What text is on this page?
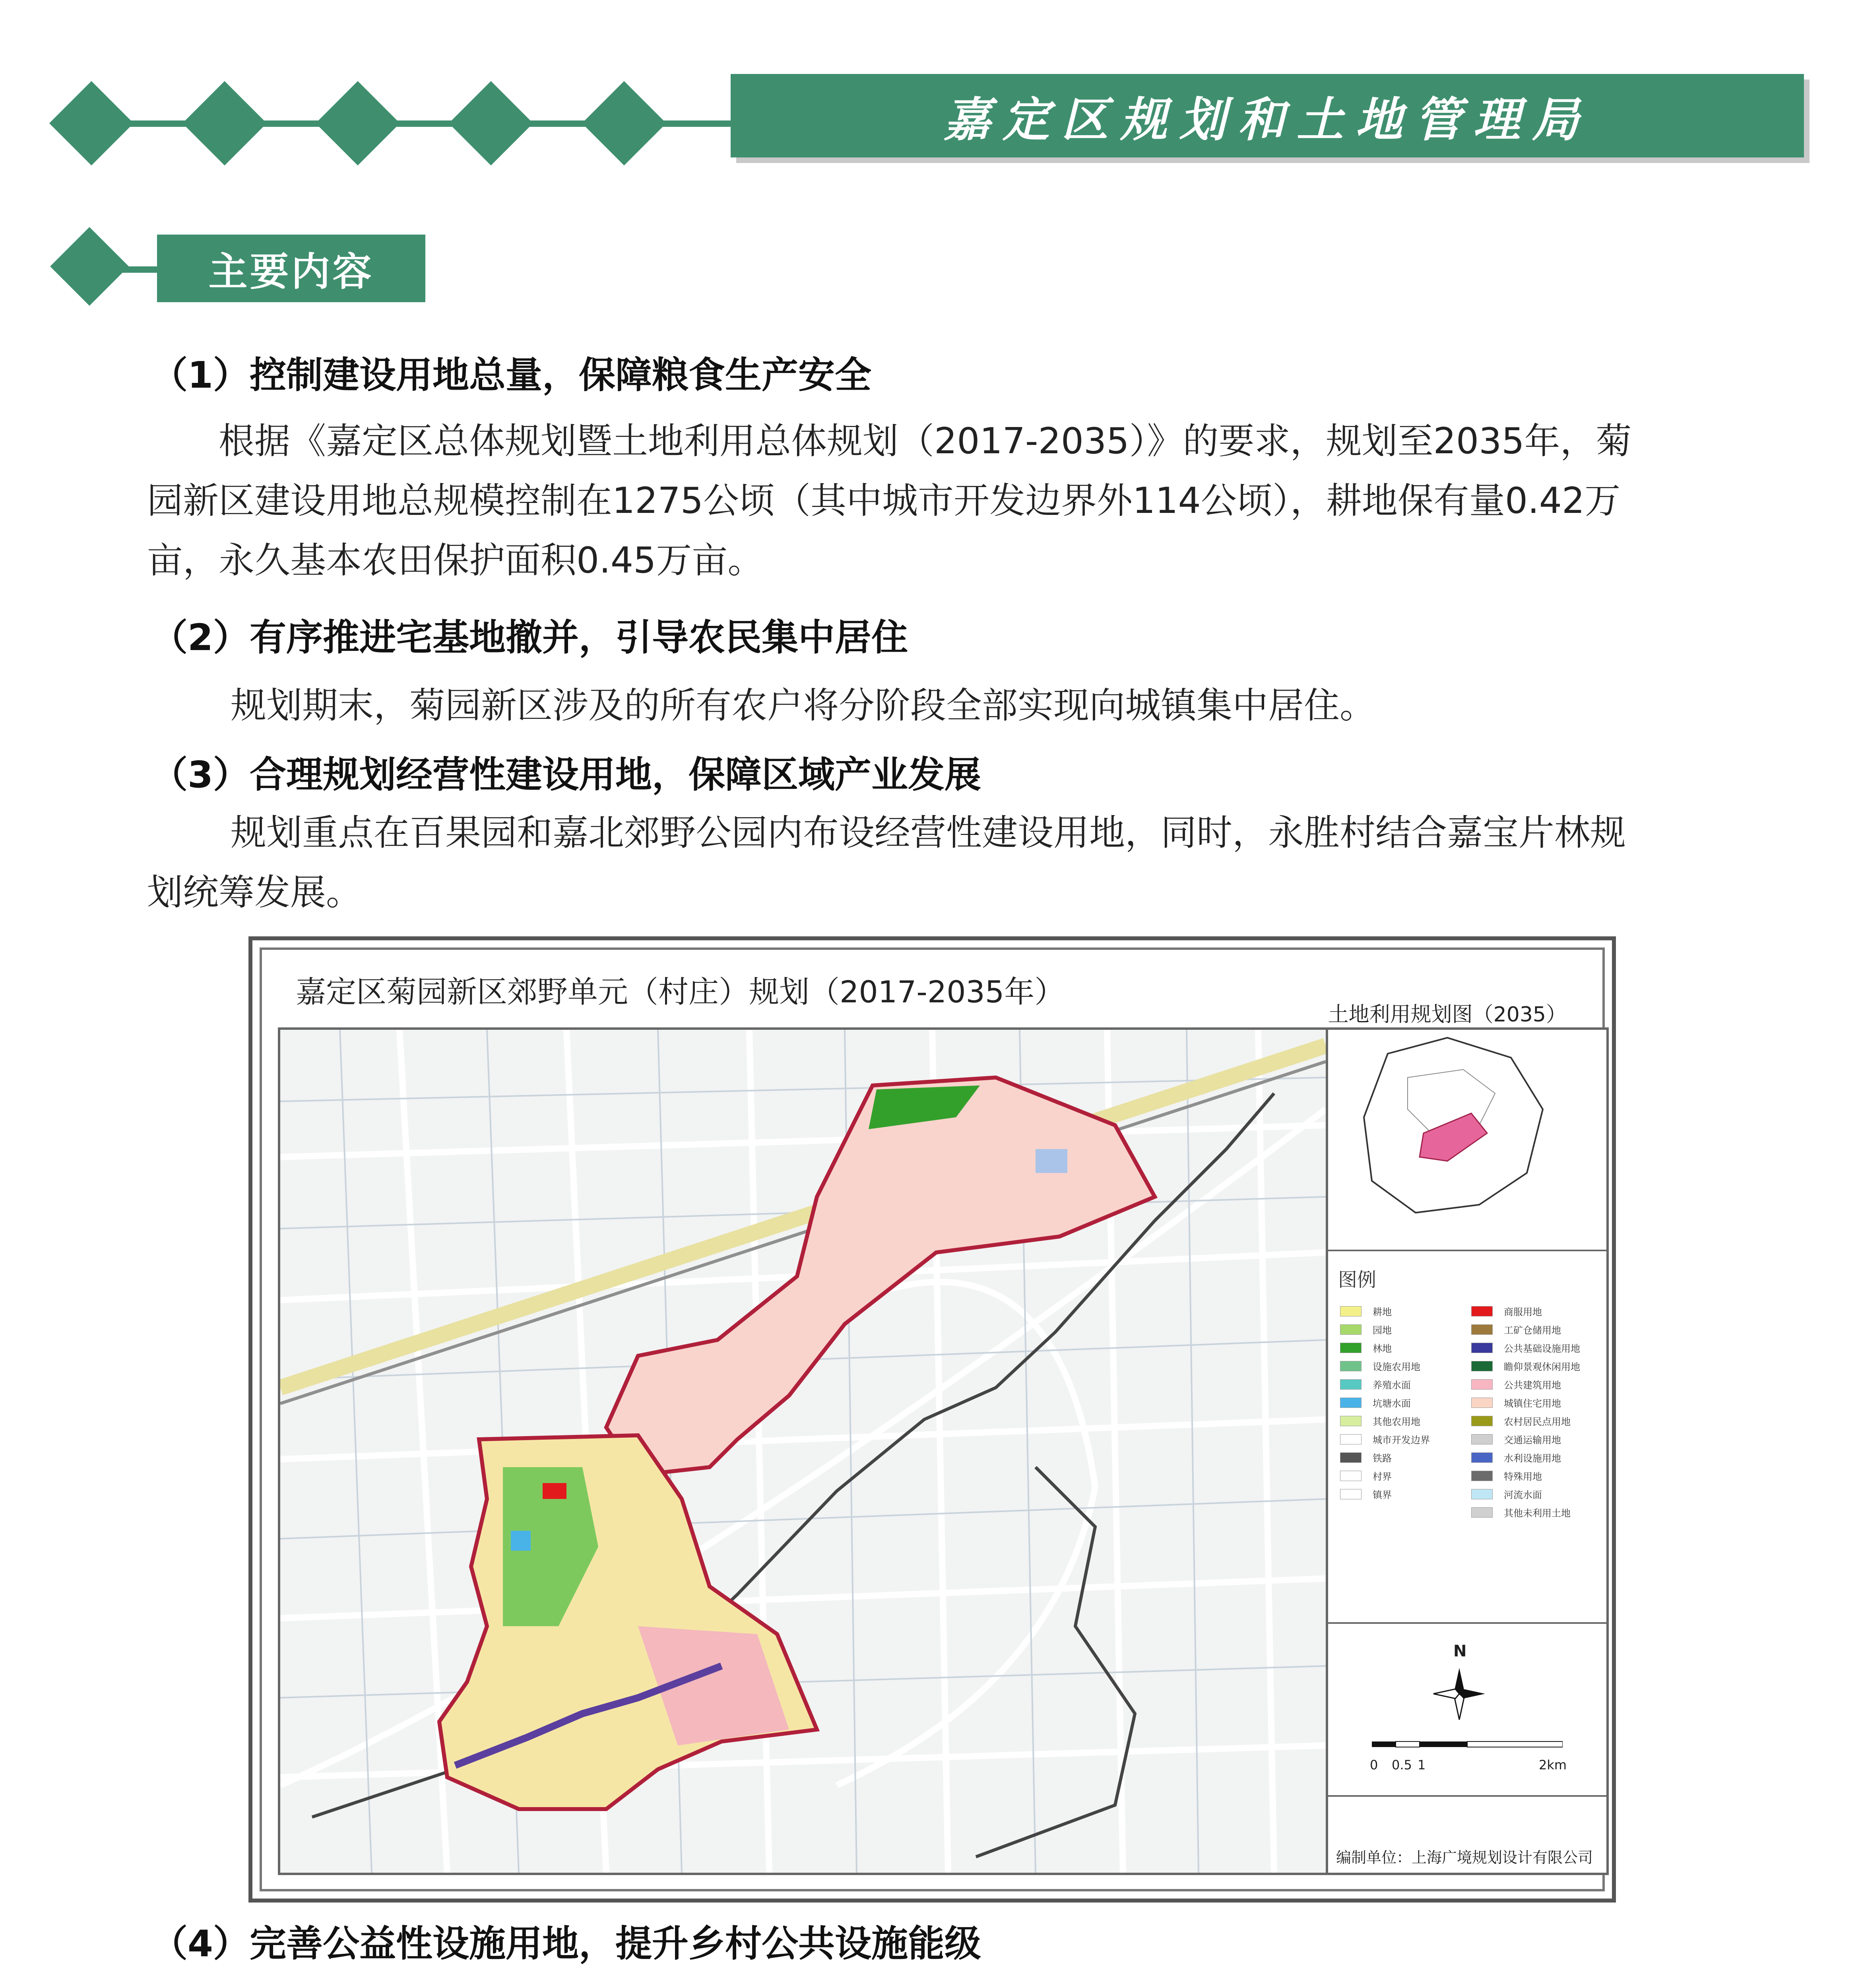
嘉定区规划和土地管理局
主要内容
（1）控制建设用地总量，保障粮食生产安全
根据《嘉定区总体规划暨土地利用总体规划（2017-2035）》的要求，规划至2035年，菊
园新区建设用地总规模控制在1275公顷（其中城市开发边界外114公顷），耕地保有量0.42万
亩，永久基本农田保护面积0.45万亩。
（2）有序推进宅基地撤并，引导农民集中居住
规划期末，菊园新区涉及的所有农户将分阶段全部实现向城镇集中居住。
（3）合理规划经营性建设用地，保障区域产业发展
规划重点在百果园和嘉北郊野公园内布设经营性建设用地，同时，永胜村结合嘉宝片林规
划统筹发展。
嘉定区菊园新区郊野单元（村庄）规划（2017-2035年）
土地利用规划图（2035）
图例
耕地
园地
林地
设施农用地
养殖水面
坑塘水面
其他农用地
城市开发边界
铁路
村界
镇界
商服用地
工矿仓储用地
公共基础设施用地
瞻仰景观休闲用地
公共建筑用地
城镇住宅用地
农村居民点用地
交通运输用地
水利设施用地
特殊用地
河流水面
其他未利用土地
N
0 0.5 1	2km
编制单位：上海广境规划设计有限公司
（4）完善公益性设施用地，提升乡村公共设施能级
